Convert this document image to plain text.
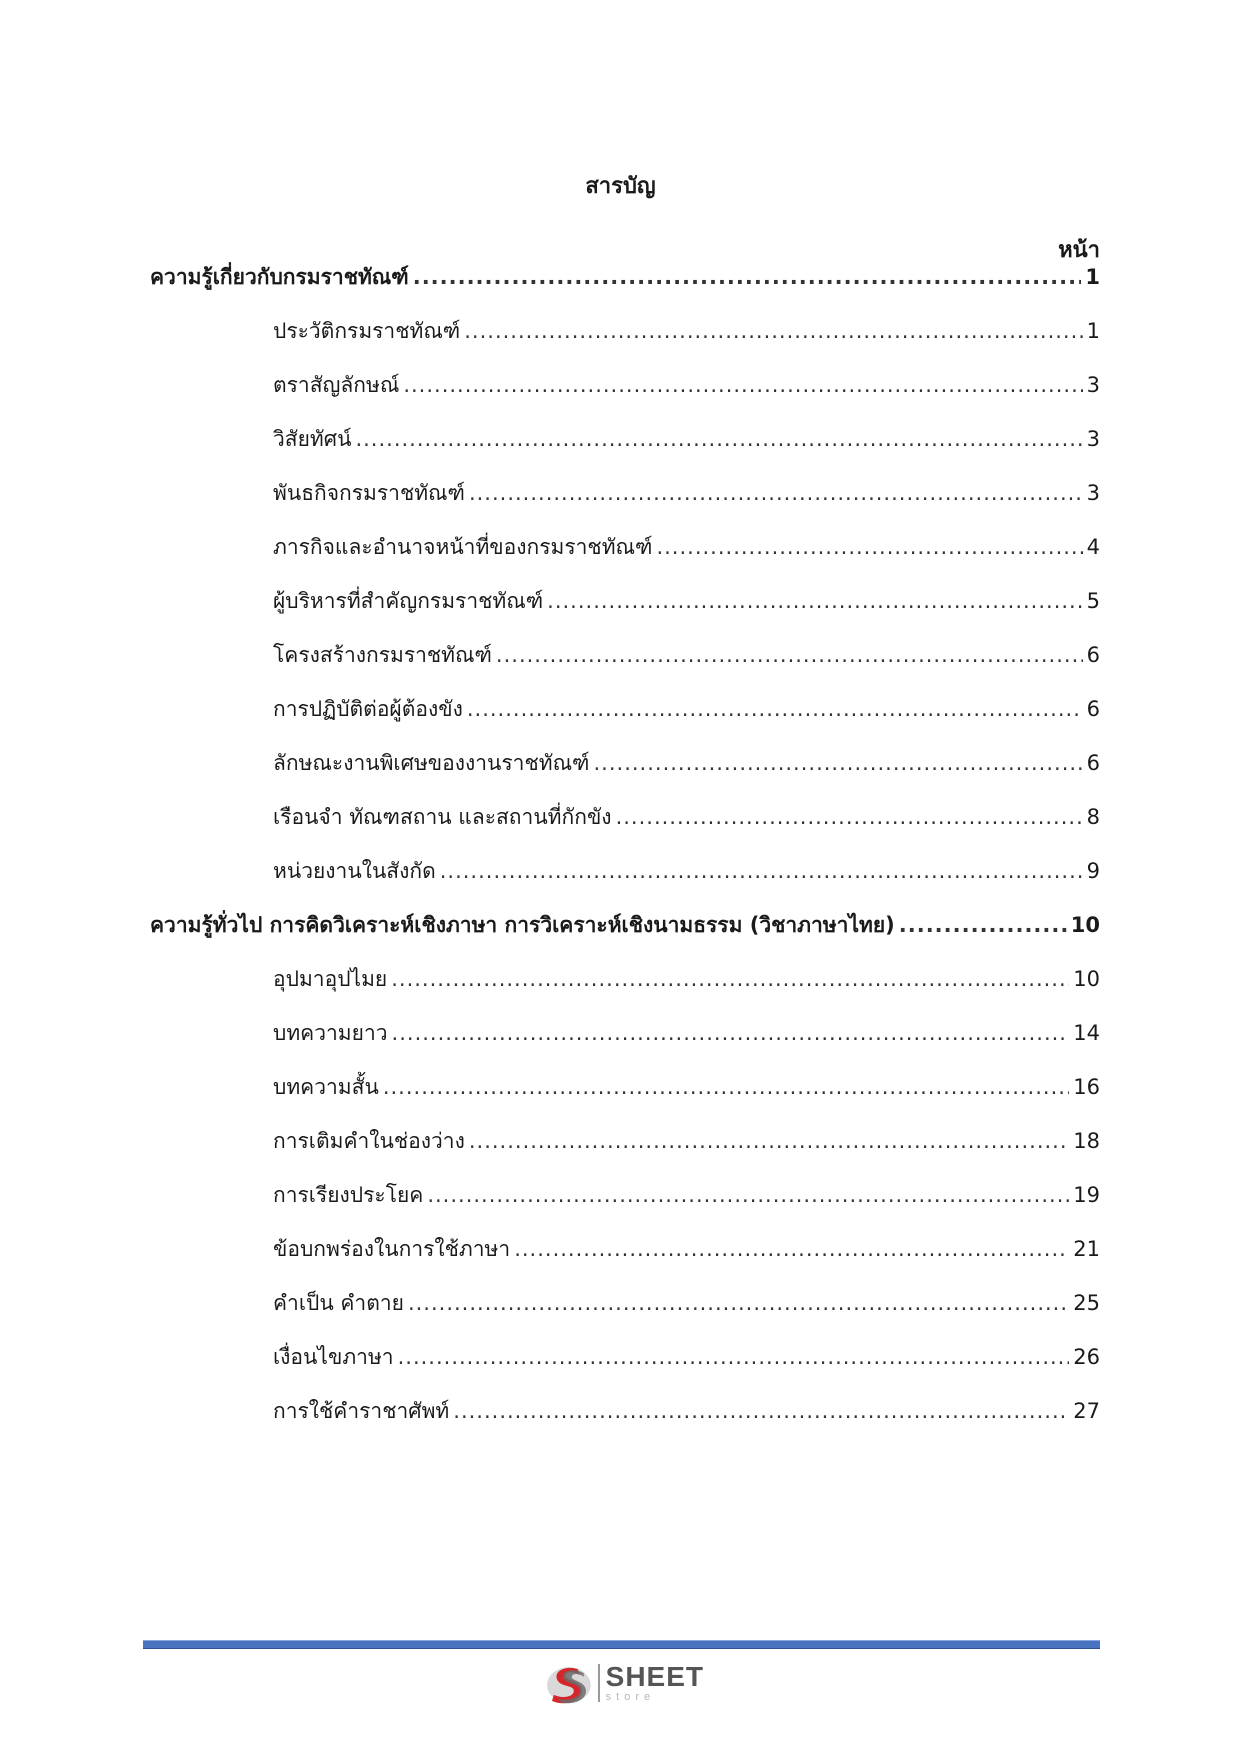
สารบัญ
หน้า
ความรู้เกี่ยวกับกรมราชทัณฑ์ .....	1
ประวัติกรมราชทัณฑ์ .....	1
ตราสัญลักษณ์ .....	3
วิสัยทัศน์ .....	3
พันธกิจกรมราชทัณฑ์ .....	3
ภารกิจและอำนาจหน้าที่ของกรมราชทัณฑ์ .....	4
ผู้บริหารที่สำคัญกรมราชทัณฑ์ .....	5
โครงสร้างกรมราชทัณฑ์ .....	6
การปฏิบัติต่อผู้ต้องขัง .....	6
ลักษณะงานพิเศษของงานราชทัณฑ์ .....	6
เรือนจำ ทัณฑสถาน และสถานที่กักขัง .....	8
หน่วยงานในสังกัด .....	9
ความรู้ทั่วไป การคิดวิเคราะห์เชิงภาษา การวิเคราะห์เชิงนามธรรม (วิชาภาษาไทย) .....	10
อุปมาอุปไมย .....	10
บทความยาว .....	14
บทความสั้น .....	16
การเติมคำในช่องว่าง .....	18
การเรียงประโยค .....	19
ข้อบกพร่องในการใช้ภาษา .....	21
คำเป็น คำตาย .....	25
เงื่อนไขภาษา .....	26
การใช้คำราชาศัพท์ .....	27
SHEET
store
